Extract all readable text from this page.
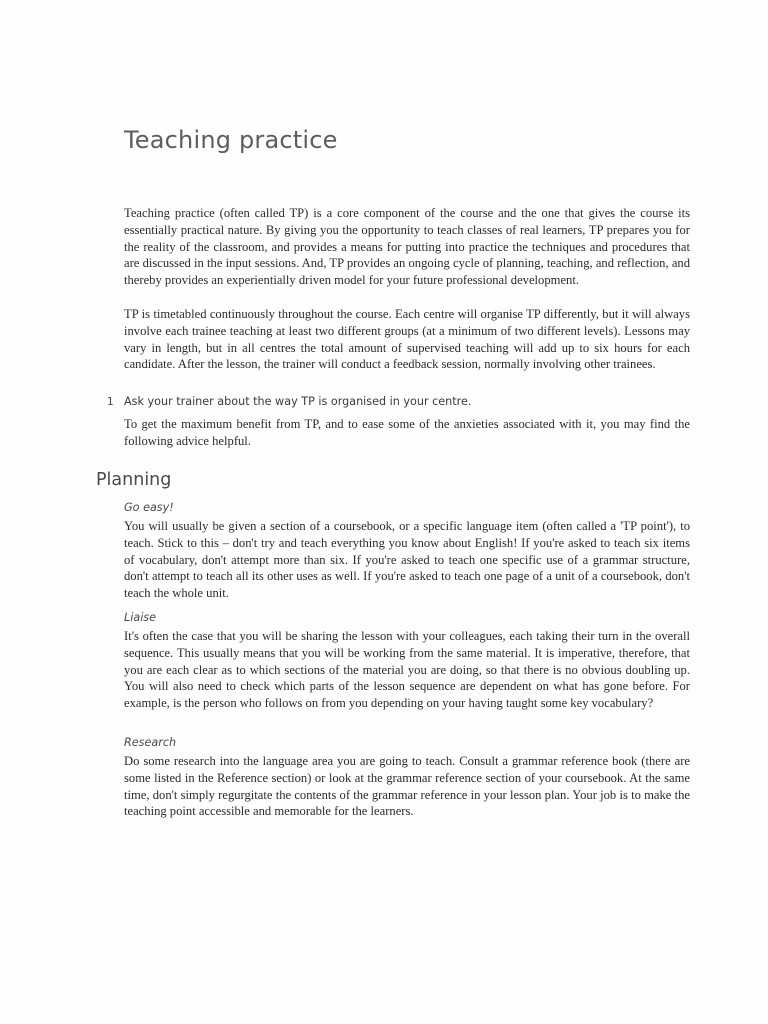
Teaching practice

Teaching practice (often called TP) is a core component of the course and the one that gives the course its essentially practical nature. By giving you the opportunity to teach classes of real learners, TP prepares you for the reality of the classroom, and provides a means for putting into practice the techniques and procedures that are discussed in the input sessions. And, TP provides an ongoing cycle of planning, teaching, and reflection, and thereby provides an experientially driven model for your future professional development.

TP is timetabled continuously throughout the course. Each centre will organise TP differently, but it will always involve each trainee teaching at least two different groups (at a minimum of two different levels). Lessons may vary in length, but in all centres the total amount of supervised teaching will add up to six hours for each candidate. After the lesson, the trainer will conduct a feedback session, normally involving other trainees.

1 Ask your trainer about the way TP is organised in your centre.

To get the maximum benefit from TP, and to ease some of the anxieties associated with it, you may find the following advice helpful.

Planning
Go easy!

You will usually be given a section of a coursebook, or a specific language item (often called a 'TP point'), to teach. Stick to this – don't try and teach everything you know about English! If you're asked to teach six items of vocabulary, don't attempt more than six. If you're asked to teach one specific use of a grammar structure, don't attempt to teach all its other uses as well. If you're asked to teach one page of a unit of a coursebook, don't teach the whole unit.

Liaise

It's often the case that you will be sharing the lesson with your colleagues, each taking their turn in the overall sequence. This usually means that you will be working from the same material. It is imperative, therefore, that you are each clear as to which sections of the material you are doing, so that there is no obvious doubling up. You will also need to check which parts of the lesson sequence are dependent on what has gone before. For example, is the person who follows on from you depending on your having taught some key vocabulary?

Research

Do some research into the language area you are going to teach. Consult a grammar reference book (there are some listed in the Reference section) or look at the grammar reference section of your coursebook. At the same time, don't simply regurgitate the contents of the grammar reference in your lesson plan. Your job is to make the teaching point accessible and memorable for the learners.
